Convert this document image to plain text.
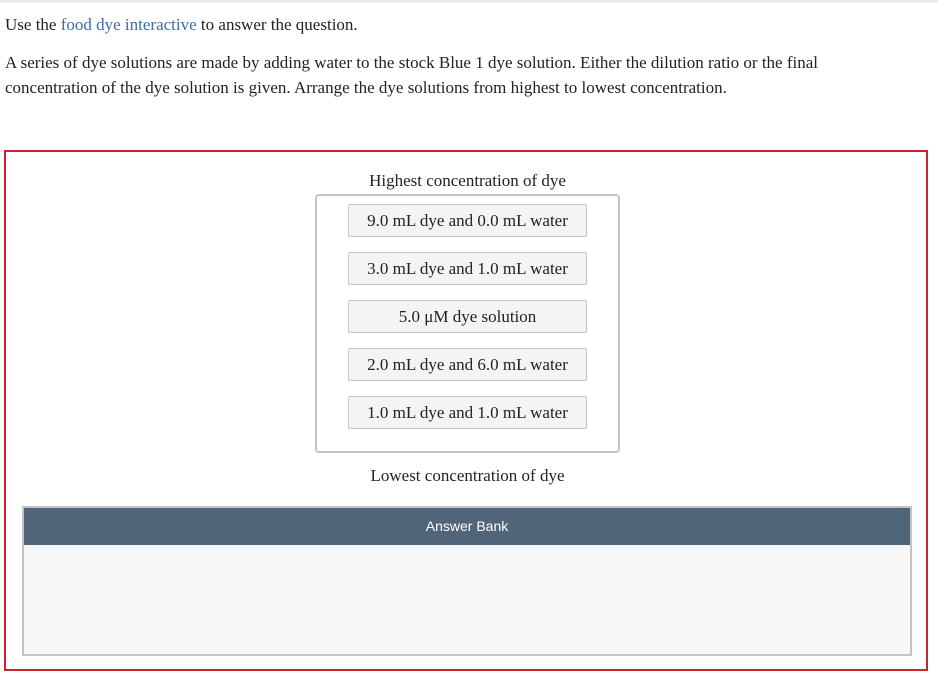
Use the food dye interactive to answer the question.

A series of dye solutions are made by adding water to the stock Blue 1 dye solution. Either the dilution ratio or the final concentration of the dye solution is given. Arrange the dye solutions from highest to lowest concentration.

Highest concentration of dye
9.0 mL dye and 0.0 mL water
3.0 mL dye and 1.0 mL water
5.0 μM dye solution
2.0 mL dye and 6.0 mL water
1.0 mL dye and 1.0 mL water
Lowest concentration of dye
Answer Bank
